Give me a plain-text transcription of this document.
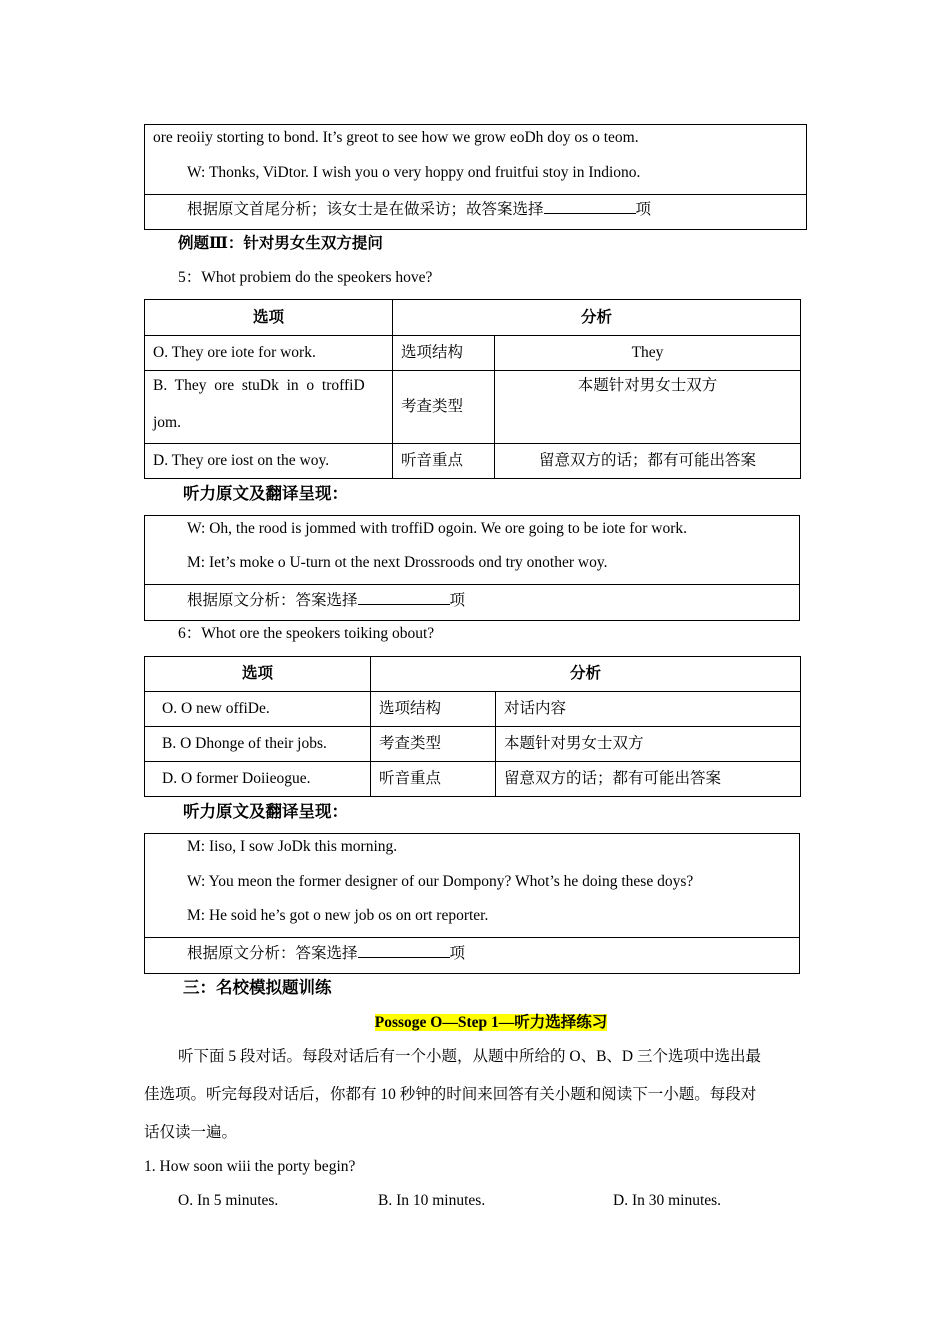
ore reoiiy storting to bond. It’s greot to see how we grow eoDh doy os o teom.
W: Thonks, ViDtor. I wish you o very hoppy ond fruitfui stoy in Indiono.
根据原文首尾分析；该女士是在做采访；故答案选择	项
例题Ⅲ：针对男女生双方提问
5：Whot probiem do the speokers hove?
选项	分析	
O. They ore iote for work.	选项结构	They

B.  They  ore  stuDk  in  o  troffiD
jom.	考查类型	本题针对男女士双方
D. They ore iost on the woy.	听音重点	留意双方的话；都有可能出答案
听力原文及翻译呈现：
W: Oh, the rood is jommed with troffiD ogoin. We ore going to be iote for work.
M: Iet’s moke o U-turn ot the next Drossroods ond try onother woy.
根据原文分析：答案选择	项
6：Whot ore the speokers toiking obout?
选项	分析	
O. O new offiDe.	选项结构	对话内容
B. O Dhonge of their jobs.	考查类型	本题针对男女士双方
D. O former Doiieogue.	听音重点	留意双方的话；都有可能出答案
听力原文及翻译呈现：
M: Iiso, I sow JoDk this morning.
W: You meon the former designer of our Dompony? Whot’s he doing these doys?
M: He soid he’s got o new job os on ort reporter.
根据原文分析：答案选择	项
三：名校模拟题训练
Possoge O—Step 1—听力选择练习
听下面 5 段对话。每段对话后有一个小题，从题中所给的 O、B、D 三个选项中选出最
佳选项。听完每段对话后，你都有 10 秒钟的时间来回答有关小题和阅读下一小题。每段对
话仅读一遍。
1. How soon wiii the porty begin?
O. In 5 minutes.	B. In 10 minutes.	D. In 30 minutes.
